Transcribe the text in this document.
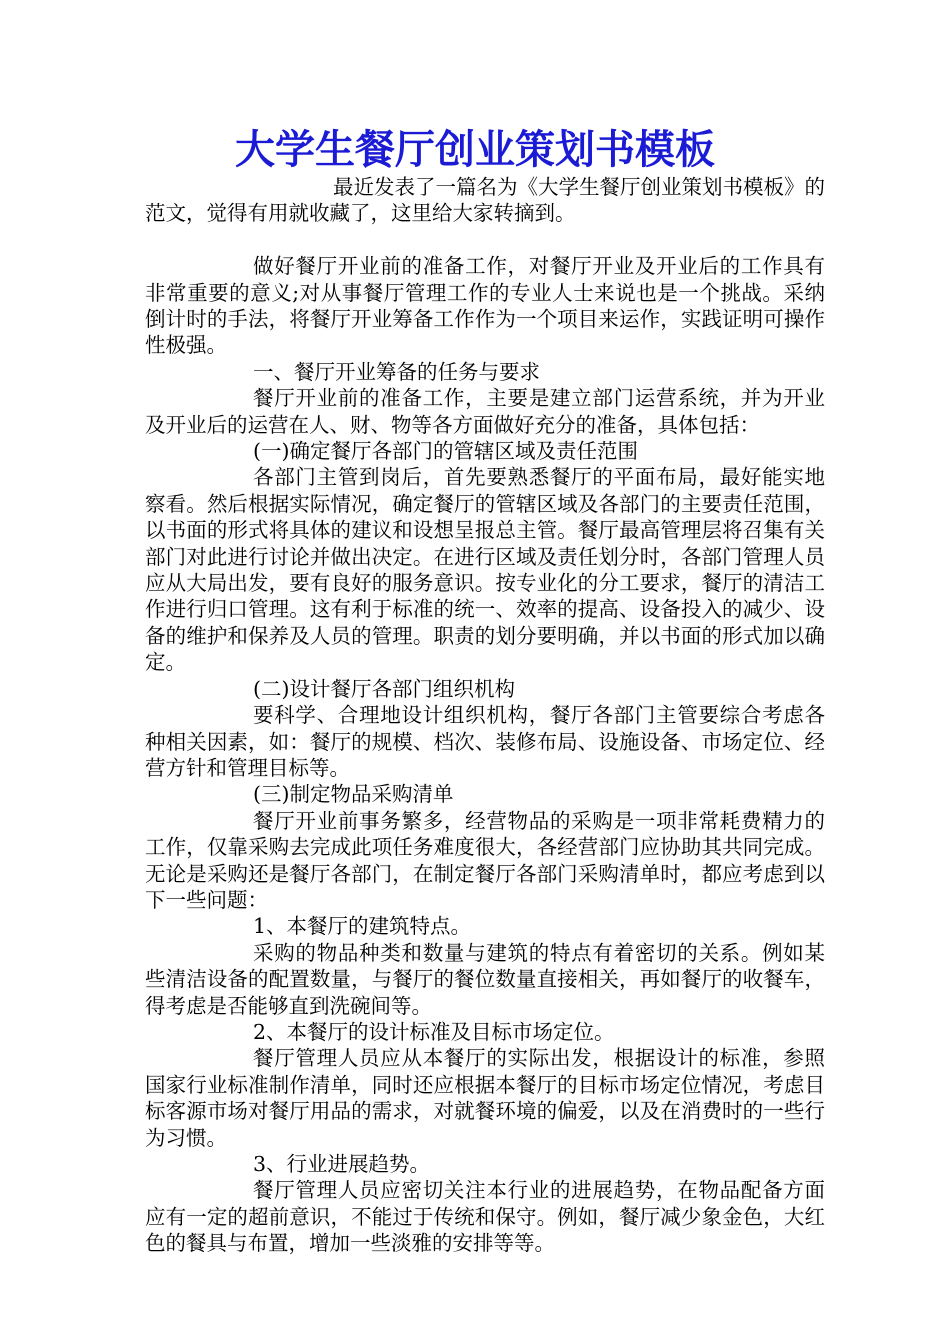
大学生餐厅创业策划书模板

最近发表了一篇名为《大学生餐厅创业策划书模板》的范文，觉得有用就收藏了，这里给大家转摘到。

做好餐厅开业前的准备工作，对餐厅开业及开业后的工作具有非常重要的意义;对从事餐厅管理工作的专业人士来说也是一个挑战。采纳倒计时的手法，将餐厅开业筹备工作作为一个项目来运作，实践证明可操作性极强。

一、餐厅开业筹备的任务与要求

餐厅开业前的准备工作，主要是建立部门运营系统，并为开业及开业后的运营在人、财、物等各方面做好充分的准备，具体包括：

(一)确定餐厅各部门的管辖区域及责任范围

各部门主管到岗后，首先要熟悉餐厅的平面布局，最好能实地察看。然后根据实际情况，确定餐厅的管辖区域及各部门的主要责任范围，以书面的形式将具体的建议和设想呈报总主管。餐厅最高管理层将召集有关部门对此进行讨论并做出决定。在进行区域及责任划分时，各部门管理人员应从大局出发，要有良好的服务意识。按专业化的分工要求，餐厅的清洁工作进行归口管理。这有利于标准的统一、效率的提高、设备投入的减少、设备的维护和保养及人员的管理。职责的划分要明确，并以书面的形式加以确定。

(二)设计餐厅各部门组织机构

要科学、合理地设计组织机构，餐厅各部门主管要综合考虑各种相关因素，如：餐厅的规模、档次、装修布局、设施设备、市场定位、经营方针和管理目标等。

(三)制定物品采购清单

餐厅开业前事务繁多，经营物品的采购是一项非常耗费精力的工作，仅靠采购去完成此项任务难度很大，各经营部门应协助其共同完成。无论是采购还是餐厅各部门，在制定餐厅各部门采购清单时，都应考虑到以下一些问题：

1、本餐厅的建筑特点。

采购的物品种类和数量与建筑的特点有着密切的关系。例如某些清洁设备的配置数量，与餐厅的餐位数量直接相关，再如餐厅的收餐车，得考虑是否能够直到洗碗间等。

2、本餐厅的设计标准及目标市场定位。

餐厅管理人员应从本餐厅的实际出发，根据设计的标准，参照国家行业标准制作清单，同时还应根据本餐厅的目标市场定位情况，考虑目标客源市场对餐厅用品的需求，对就餐环境的偏爱，以及在消费时的一些行为习惯。

3、行业进展趋势。

餐厅管理人员应密切关注本行业的进展趋势，在物品配备方面应有一定的超前意识，不能过于传统和保守。例如，餐厅减少象金色，大红色的餐具与布置，增加一些淡雅的安排等等。
